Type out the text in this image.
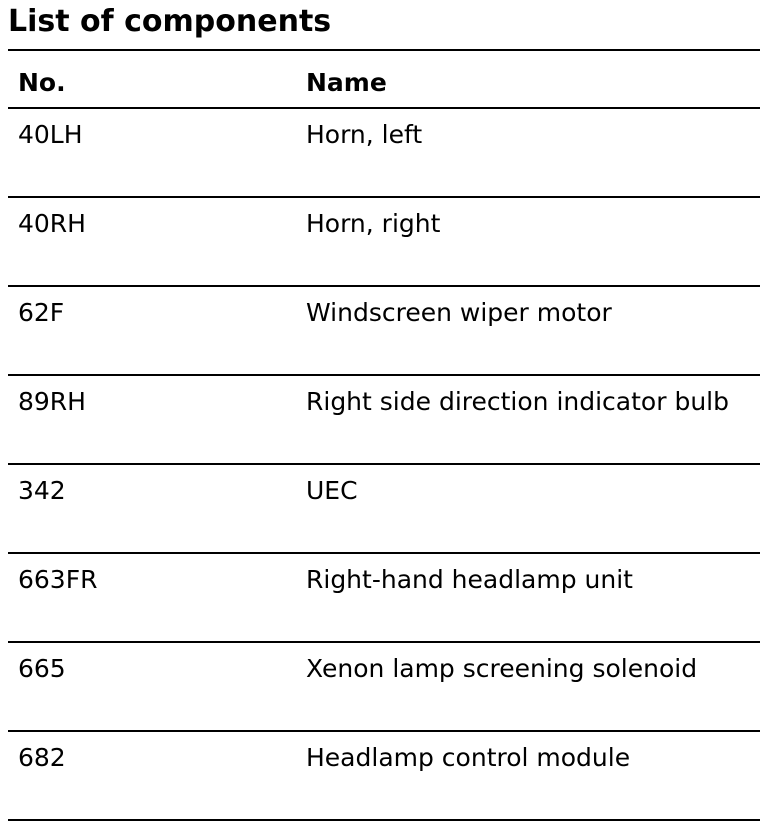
List of components
No.	Name
40LH	Horn, left
40RH	Horn, right
62F	Windscreen wiper motor
89RH	Right side direction indicator bulb
342	UEC
663FR	Right-hand headlamp unit
665	Xenon lamp screening solenoid
682	Headlamp control module
